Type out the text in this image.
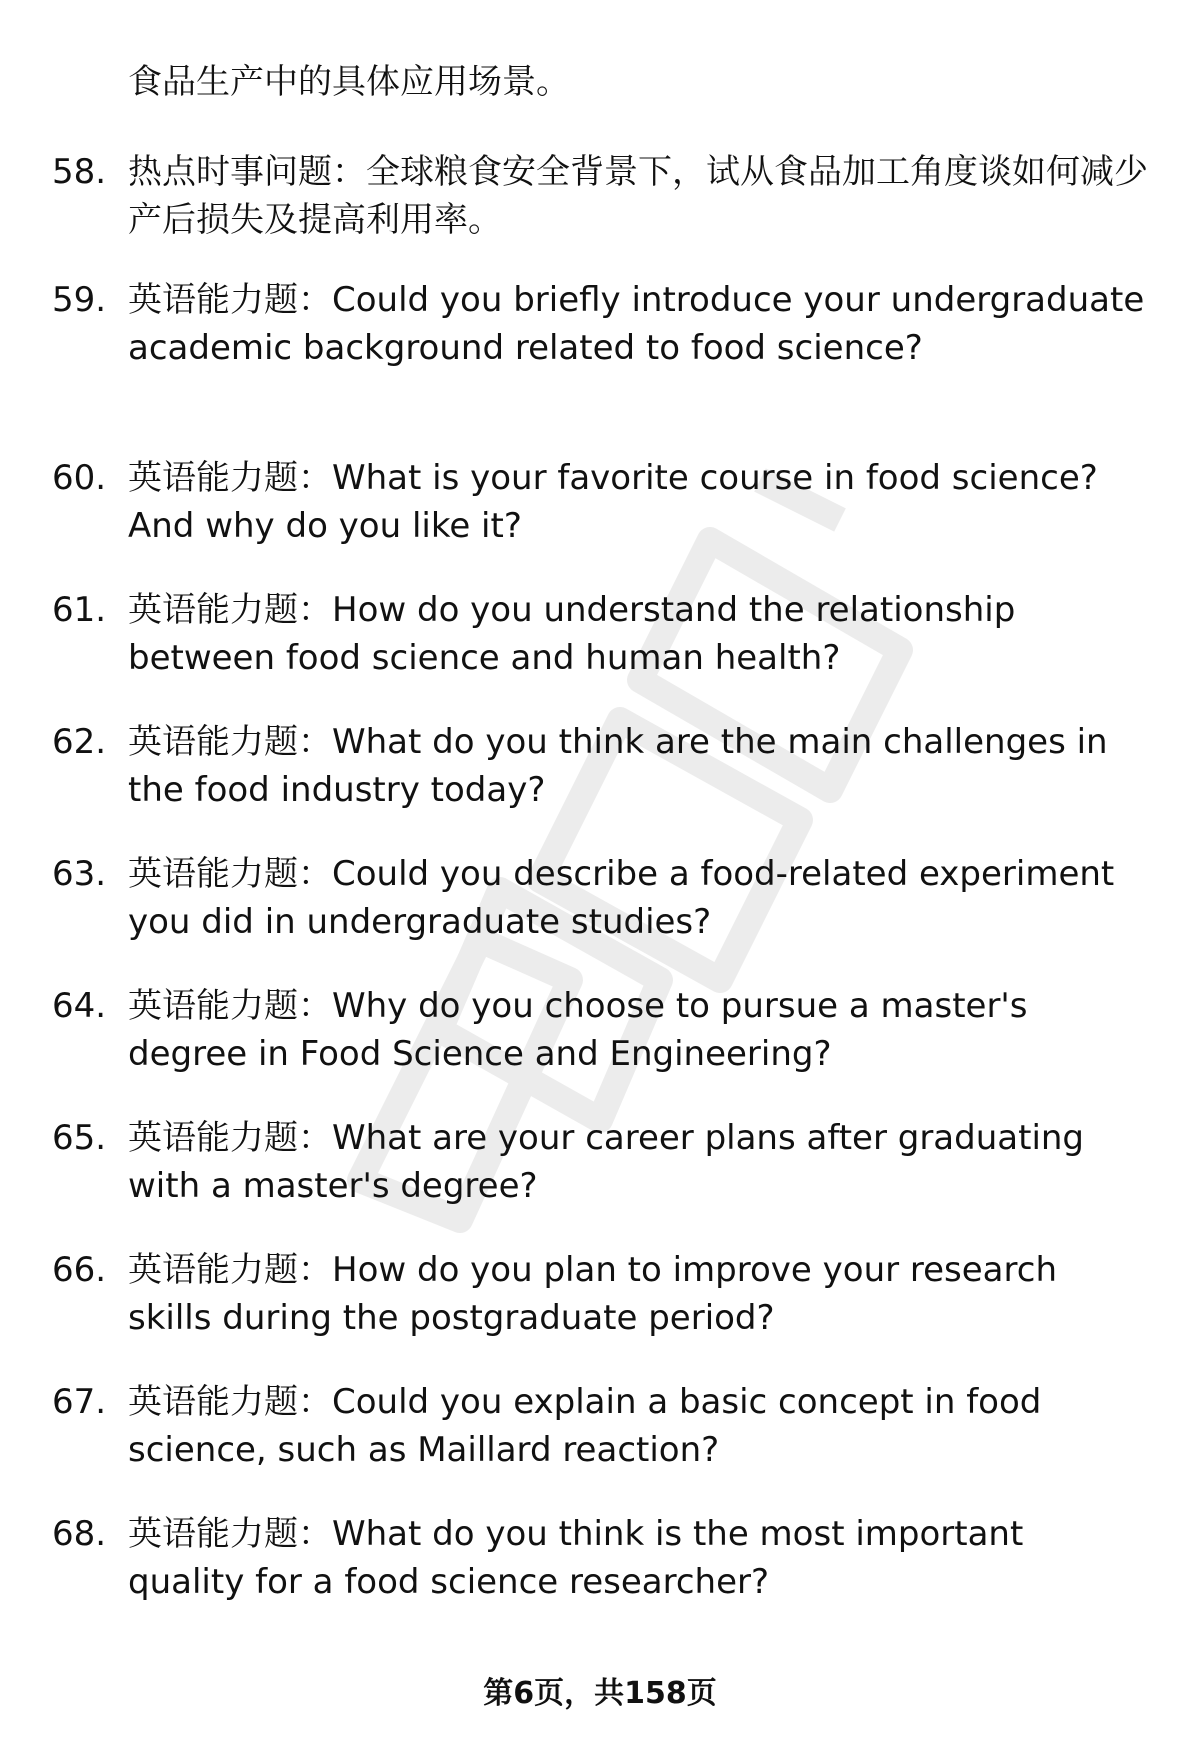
食品生产中的具体应用场景。
58. 热点时事问题：全球粮食安全背景下，试从食品加工角度谈如何减少产后损失及提高利用率。
59. 英语能力题：Could you briefly introduce your undergraduate academic background related to food science?
60. 英语能力题：What is your favorite course in food science? And why do you like it?
61. 英语能力题：How do you understand the relationship between food science and human health?
62. 英语能力题：What do you think are the main challenges in the food industry today?
63. 英语能力题：Could you describe a food-related experiment you did in undergraduate studies?
64. 英语能力题：Why do you choose to pursue a master's degree in Food Science and Engineering?
65. 英语能力题：What are your career plans after graduating with a master's degree?
66. 英语能力题：How do you plan to improve your research skills during the postgraduate period?
67. 英语能力题：Could you explain a basic concept in food science, such as Maillard reaction?
68. 英语能力题：What do you think is the most important quality for a food science researcher?
第6页，共158页
